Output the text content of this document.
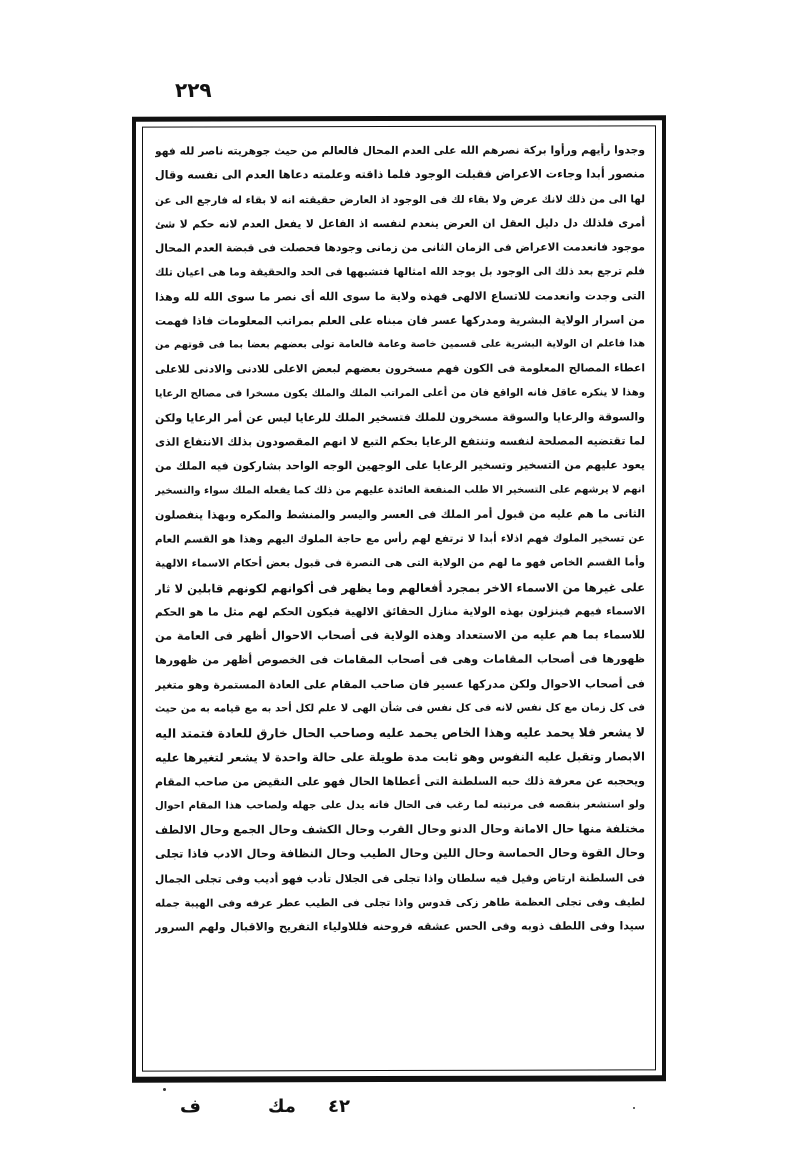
٢٢٩
وجدوا رأيهم ورأوا بركة نصرهم الله على العدم المحال فالعالم من حيث جوهريته ناصر لله فهو
منصور أبدا وجاءت الاعراض فقبلت الوجود فلما ذاقته وعلمته دعاها العدم الى نفسه وقال
لها الى من ذلك لانك عرض ولا بقاء لك فى الوجود اذ العارض حقيقته انه لا بقاء له فارجع الى عن
أمرى فلذلك دل دليل العقل ان العرض ينعدم لنفسه اذ الفاعل لا يفعل العدم لانه حكم لا شئ
موجود فانعدمت الاعراض فى الزمان الثانى من زمانى وجودها فحصلت فى قبضة العدم المحال
فلم ترجع بعد ذلك الى الوجود بل يوجد الله امثالها فتشبهها فى الحد والحقيقة وما هى اعيان تلك
التى وجدت وانعدمت للاتساع الالهى فهذه ولاية ما سوى الله أى نصر ما سوى الله لله وهذا
من اسرار الولاية البشرية ومدركها عسر فان مبناه على العلم بمراتب المعلومات فاذا فهمت
هذا فاعلم ان الولاية البشرية على قسمين خاصة وعامة فالعامة تولى بعضهم بعضا بما فى قوتهم من
اعطاء المصالح المعلومة فى الكون فهم مسخرون بعضهم لبعض الاعلى للادنى والادنى للاعلى
وهذا لا ينكره عاقل فانه الواقع فان من أعلى المراتب الملك والملك يكون مسخرا فى مصالح الرعايا
والسوقة والرعايا والسوقة مسخرون للملك فتسخير الملك للرعايا ليس عن أمر الرعايا ولكن
لما تقتضيه المصلحة لنفسه وتنتفع الرعايا بحكم التبع لا انهم المقصودون بذلك الانتفاع الذى
يعود عليهم من التسخير وتسخير الرعايا على الوجهين الوجه الواحد بشاركون فيه الملك من
انهم لا يرشهم على التسخير الا طلب المنفعة العائدة عليهم من ذلك كما يفعله الملك سواء والتسخير
الثانى ما هم عليه من قبول أمر الملك فى العسر واليسر والمنشط والمكره وبهذا ينفصلون
عن تسخير الملوك فهم اذلاء أبدا لا ترتفع لهم رأس مع حاجة الملوك اليهم وهذا هو القسم العام
وأما القسم الخاص فهو ما لهم من الولاية التى هى النصرة فى قبول بعض أحكام الاسماء الالهية
على غيرها من الاسماء الاخر بمجرد أفعالهم وما يظهر فى أكوانهم لكونهم قابلين لا ثار
الاسماء فيهم فينزلون بهذه الولاية منازل الحقائق الالهية فيكون الحكم لهم مثل ما هو الحكم
للاسماء بما هم عليه من الاستعداد وهذه الولاية فى أصحاب الاحوال أظهر فى العامة من
ظهورها فى أصحاب المقامات وهى فى أصحاب المقامات فى الخصوص أظهر من ظهورها
فى أصحاب الاحوال ولكن مدركها عسير فان صاحب المقام على العادة المستمرة وهو متغير
فى كل زمان مع كل نفس لانه فى كل نفس فى شأن الهى لا علم لكل أحد به مع قيامه به من حيث
لا يشعر فلا يحمد عليه وهذا الخاص يحمد عليه وصاحب الحال خارق للعادة فتمتد اليه
الابصار وتقبل عليه النفوس وهو ثابت مدة طويلة على حالة واحدة لا يشعر لتغيرها عليه
ويحجبه عن معرفة ذلك حبه السلطنة التى أعطاها الحال فهو على النقيض من صاحب المقام
ولو استشعر بنقصه فى مرتبته لما رغب فى الحال فانه يدل على جهله ولصاحب هذا المقام احوال
مختلفة منها حال الامانة وحال الدنو وحال القرب وحال الكشف وحال الجمع وحال الالطف
وحال القوة وحال الحماسة وحال اللين وحال الطيب وحال النظافة وحال الادب فاذا تجلى
فى السلطنة ارتاض وقيل فيه سلطان واذا تجلى فى الجلال تأدب فهو أديب وفى تجلى الجمال
لطيف وفى تجلى العظمة طاهر زكى قدوس واذا تجلى فى الطيب عطر عرفه وفى الهيبة جمله
سيدا وفى اللطف ذوبه وفى الحس عشقه فروحنه فللاولياء التفريح والاقبال ولهم السرور
٤٢
مك
ف
